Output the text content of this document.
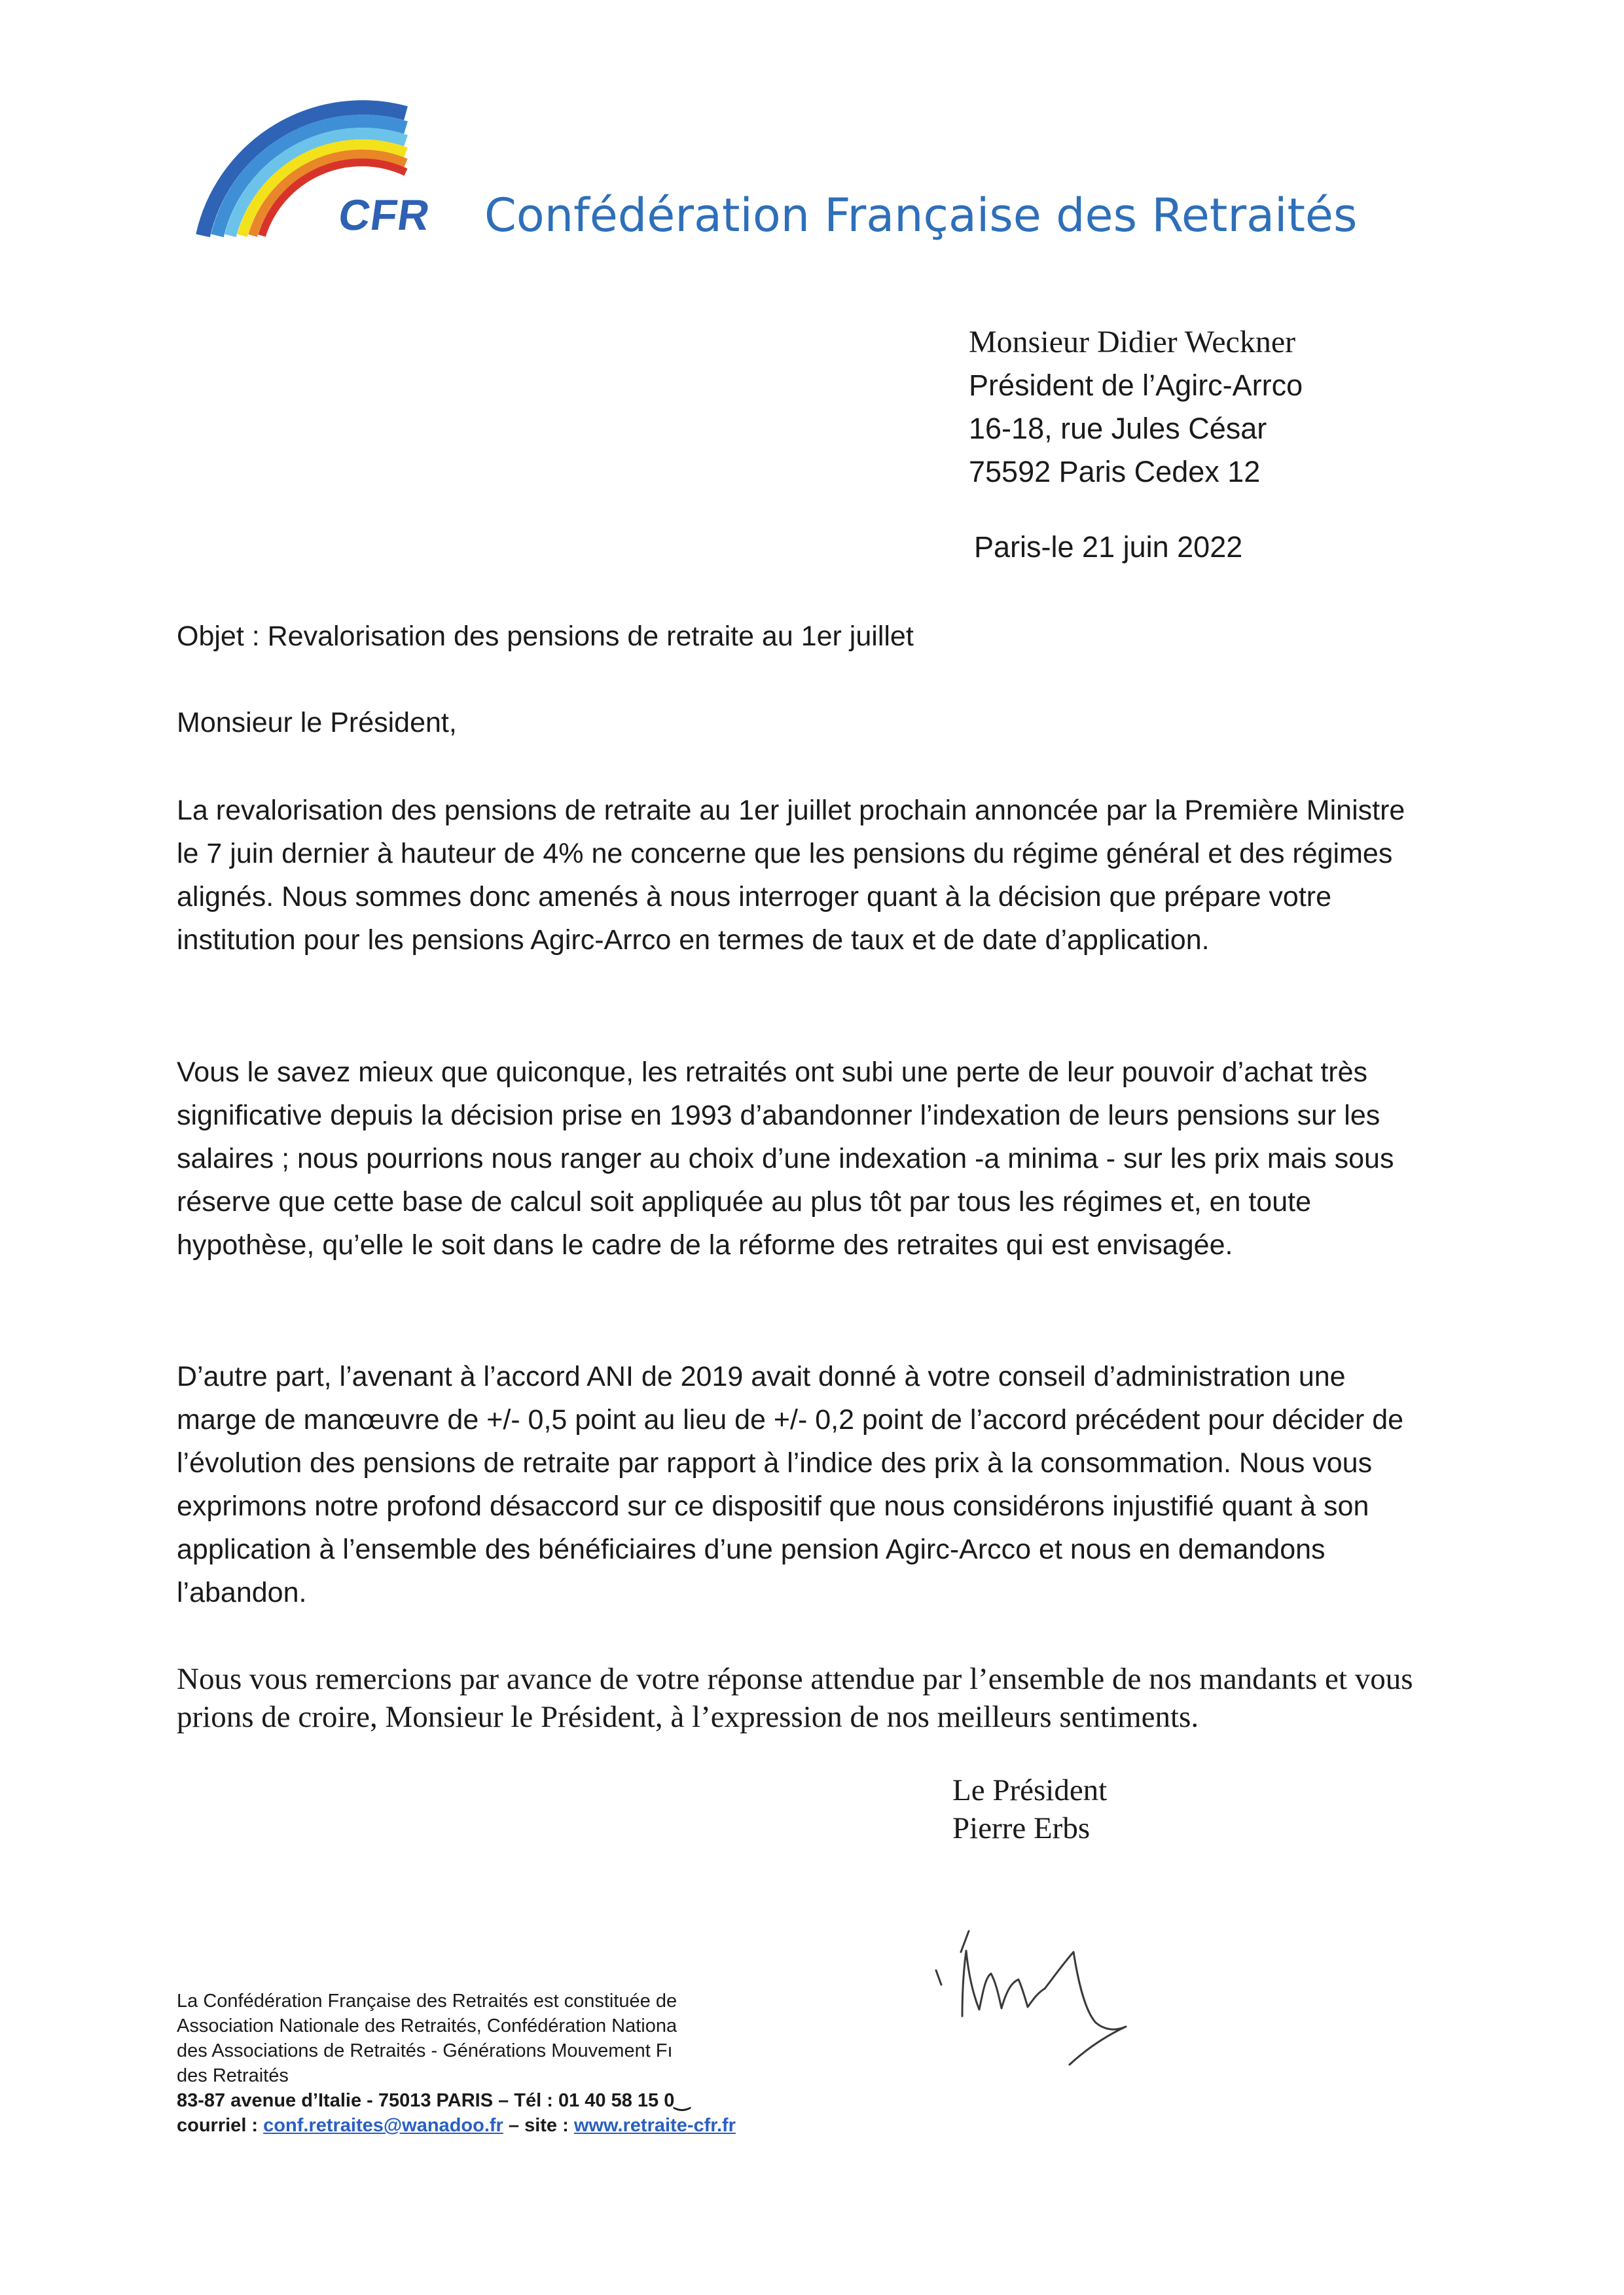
CFR Confédération Française des Retraités
Monsieur Didier Weckner
Président de l’Agirc-Arrco
16-18, rue Jules César
75592 Paris Cedex 12
Paris-le 21 juin 2022
Objet : Revalorisation des pensions de retraite au 1er juillet
Monsieur le Président,
La revalorisation des pensions de retraite au 1er juillet prochain annoncée par la Première Ministre le 7 juin dernier à hauteur de 4% ne concerne que les pensions du régime général et des régimes alignés. Nous sommes donc amenés à nous interroger quant à la décision que prépare votre institution pour les pensions Agirc-Arrco en termes de taux et de date d’application.
Vous le savez mieux que quiconque, les retraités ont subi une perte de leur pouvoir d’achat très significative depuis la décision prise en 1993 d’abandonner l’indexation de leurs pensions sur les salaires ; nous pourrions nous ranger au choix d’une indexation -a minima - sur les prix mais sous réserve que cette base de calcul soit appliquée au plus tôt par tous les régimes et, en toute hypothèse, qu’elle le soit dans le cadre de la réforme des retraites qui est envisagée.
D’autre part, l’avenant à l’accord ANI de 2019 avait donné à votre conseil d’administration une marge de manœuvre de +/- 0,5 point au lieu de +/- 0,2 point de l’accord précédent pour décider de l’évolution des pensions de retraite par rapport à l’indice des prix à la consommation. Nous vous exprimons notre profond désaccord sur ce dispositif que nous considérons injustifié quant à son application à l’ensemble des bénéficiaires d’une pension Agirc-Arcco et nous en demandons l’abandon.
Nous vous remercions par avance de votre réponse attendue par l’ensemble de nos mandants et vous prions de croire, Monsieur le Président, à l’expression de nos meilleurs sentiments.
Le Président
Pierre Erbs
La Confédération Française des Retraités est constituée de
Association Nationale des Retraités, Confédération Nationa
des Associations de Retraités - Générations Mouvement Fı
des Retraités
83-87 avenue d’Italie - 75013 PARIS – Tél : 01 40 58 15 0‿
courriel : conf.retraites@wanadoo.fr – site : www.retraite-cfr.fr
